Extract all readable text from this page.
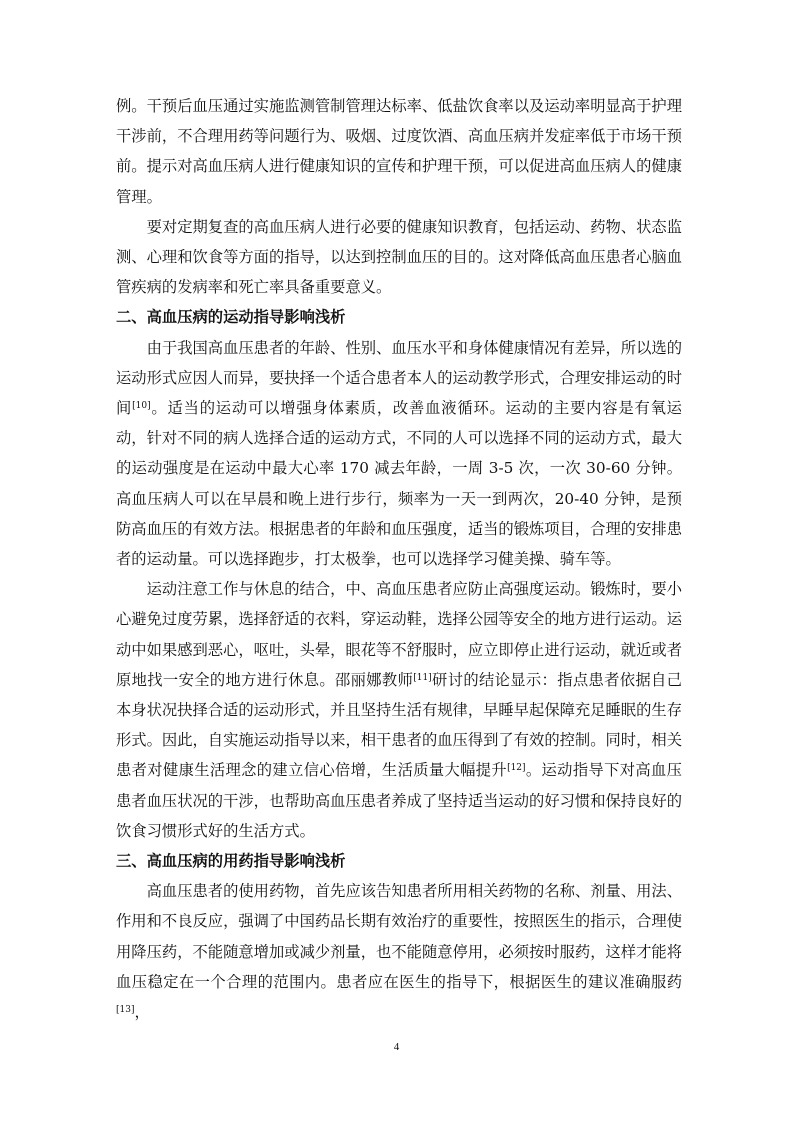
例。干预后血压通过实施监测管制管理达标率、低盐饮食率以及运动率明显高于护理干涉前，不合理用药等问题行为、吸烟、过度饮酒、高血压病并发症率低于市场干预前。提示对高血压病人进行健康知识的宣传和护理干预，可以促进高血压病人的健康管理。

要对定期复查的高血压病人进行必要的健康知识教育，包括运动、药物、状态监测、心理和饮食等方面的指导，以达到控制血压的目的。这对降低高血压患者心脑血管疾病的发病率和死亡率具备重要意义。

二、高血压病的运动指导影响浅析

由于我国高血压患者的年龄、性别、血压水平和身体健康情况有差异，所以选的运动形式应因人而异，要抉择一个适合患者本人的运动教学形式，合理安排运动的时间[10]。适当的运动可以增强身体素质，改善血液循环。运动的主要内容是有氧运动，针对不同的病人选择合适的运动方式，不同的人可以选择不同的运动方式，最大的运动强度是在运动中最大心率 170 减去年龄，一周 3-5 次，一次 30-60 分钟。高血压病人可以在早晨和晚上进行步行，频率为一天一到两次，20-40 分钟，是预防高血压的有效方法。根据患者的年龄和血压强度，适当的锻炼项目，合理的安排患者的运动量。可以选择跑步，打太极拳，也可以选择学习健美操、骑车等。

运动注意工作与休息的结合，中、高血压患者应防止高强度运动。锻炼时，要小心避免过度劳累，选择舒适的衣料，穿运动鞋，选择公园等安全的地方进行运动。运动中如果感到恶心，呕吐，头晕，眼花等不舒服时，应立即停止进行运动，就近或者原地找一安全的地方进行休息。邵丽娜教师[11]研讨的结论显示：指点患者依据自己本身状况抉择合适的运动形式，并且坚持生活有规律，早睡早起保障充足睡眠的生存形式。因此，自实施运动指导以来，相干患者的血压得到了有效的控制。同时，相关患者对健康生活理念的建立信心倍增，生活质量大幅提升[12]。运动指导下对高血压患者血压状况的干涉，也帮助高血压患者养成了坚持适当运动的好习惯和保持良好的饮食习惯形式好的生活方式。

三、高血压病的用药指导影响浅析

高血压患者的使用药物，首先应该告知患者所用相关药物的名称、剂量、用法、作用和不良反应，强调了中国药品长期有效治疗的重要性，按照医生的指示，合理使用降压药，不能随意增加或减少剂量，也不能随意停用，必须按时服药，这样才能将血压稳定在一个合理的范围内。患者应在医生的指导下，根据医生的建议准确服药[13]，

4
